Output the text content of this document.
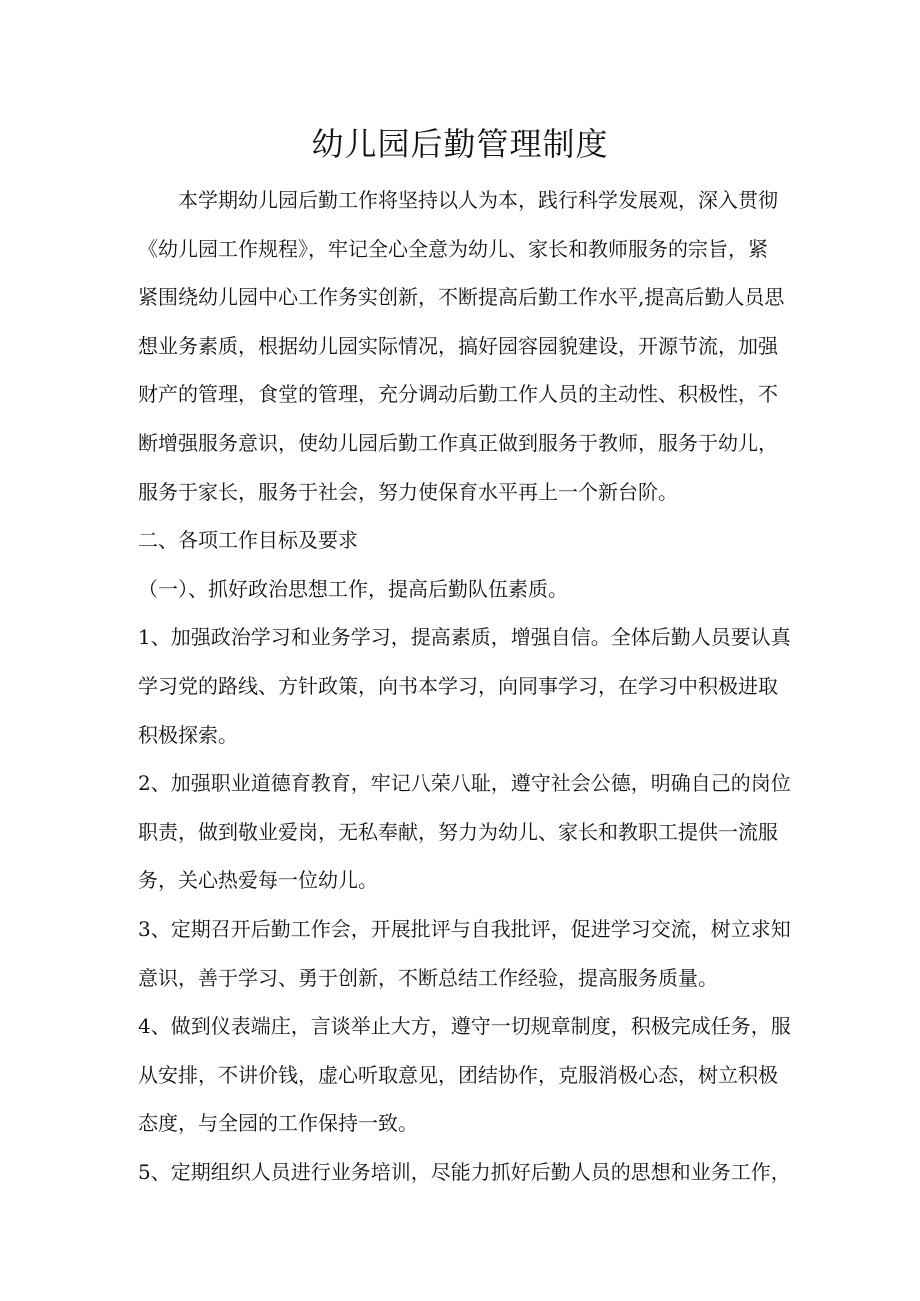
幼儿园后勤管理制度
　　本学期幼儿园后勤工作将坚持以人为本，践行科学发展观，深入贯彻
《幼儿园工作规程》，牢记全心全意为幼儿、家长和教师服务的宗旨，紧
紧围绕幼儿园中心工作务实创新，不断提高后勤工作水平,提高后勤人员思
想业务素质，根据幼儿园实际情况，搞好园容园貌建设，开源节流，加强
财产的管理，食堂的管理，充分调动后勤工作人员的主动性、积极性，不
断增强服务意识，使幼儿园后勤工作真正做到服务于教师，服务于幼儿，
服务于家长，服务于社会，努力使保育水平再上一个新台阶。
二、各项工作目标及要求
（一）、抓好政治思想工作，提高后勤队伍素质。
1、加强政治学习和业务学习，提高素质，增强自信。全体后勤人员要认真
学习党的路线、方针政策，向书本学习，向同事学习，在学习中积极进取
积极探索。
2、加强职业道德育教育，牢记八荣八耻，遵守社会公德，明确自己的岗位
职责，做到敬业爱岗，无私奉献，努力为幼儿、家长和教职工提供一流服
务，关心热爱每一位幼儿。
3、定期召开后勤工作会，开展批评与自我批评，促进学习交流，树立求知
意识，善于学习、勇于创新，不断总结工作经验，提高服务质量。
4、做到仪表端庄，言谈举止大方，遵守一切规章制度，积极完成任务，服
从安排，不讲价钱，虚心听取意见，团结协作，克服消极心态，树立积极
态度，与全园的工作保持一致。
5、定期组织人员进行业务培训，尽能力抓好后勤人员的思想和业务工作，
